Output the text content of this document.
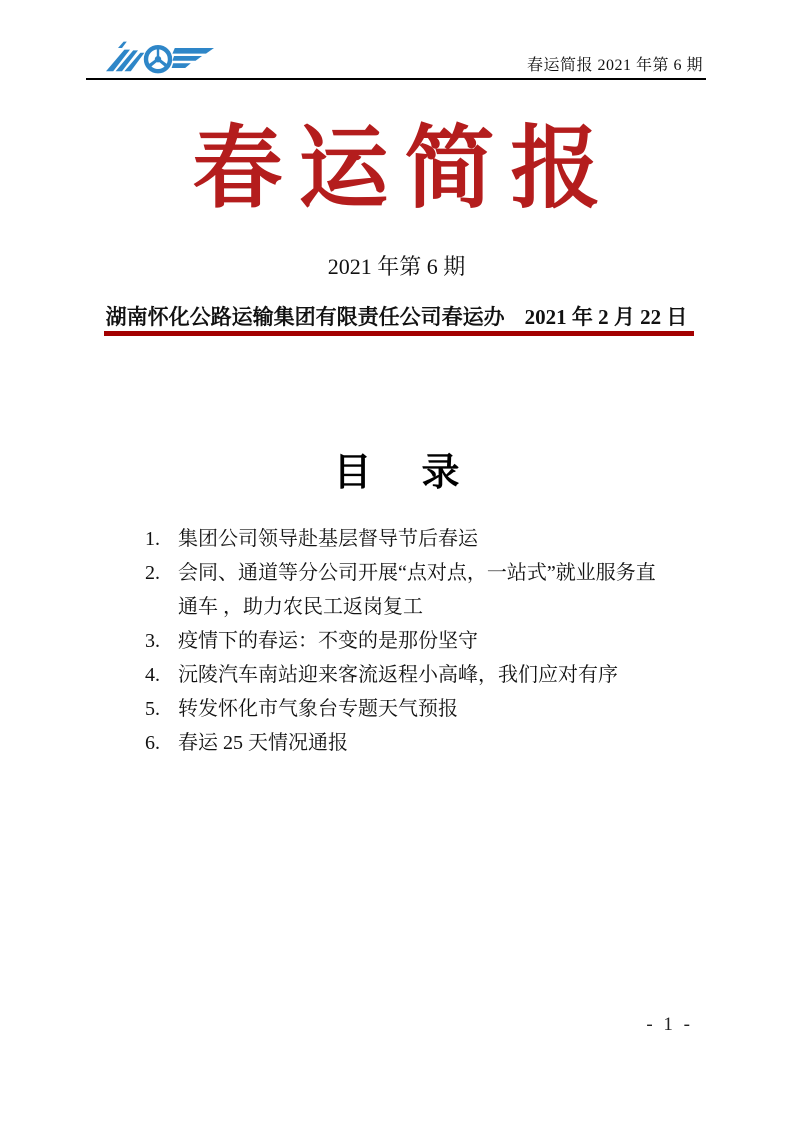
春运简报 2021 年第 6 期
春运简报
2021 年第 6 期
湖南怀化公路运输集团有限责任公司春运办 2021 年 2 月 22 日
目　录
1. 集团公司领导赴基层督导节后春运
2. 会同、通道等分公司开展“点对点，一站式”就业服务直通车 ，助力农民工返岗复工
3. 疫情下的春运：不变的是那份坚守
4. 沅陵汽车南站迎来客流返程小高峰，我们应对有序
5. 转发怀化市气象台专题天气预报
6. 春运 25 天情况通报
- 1 -
